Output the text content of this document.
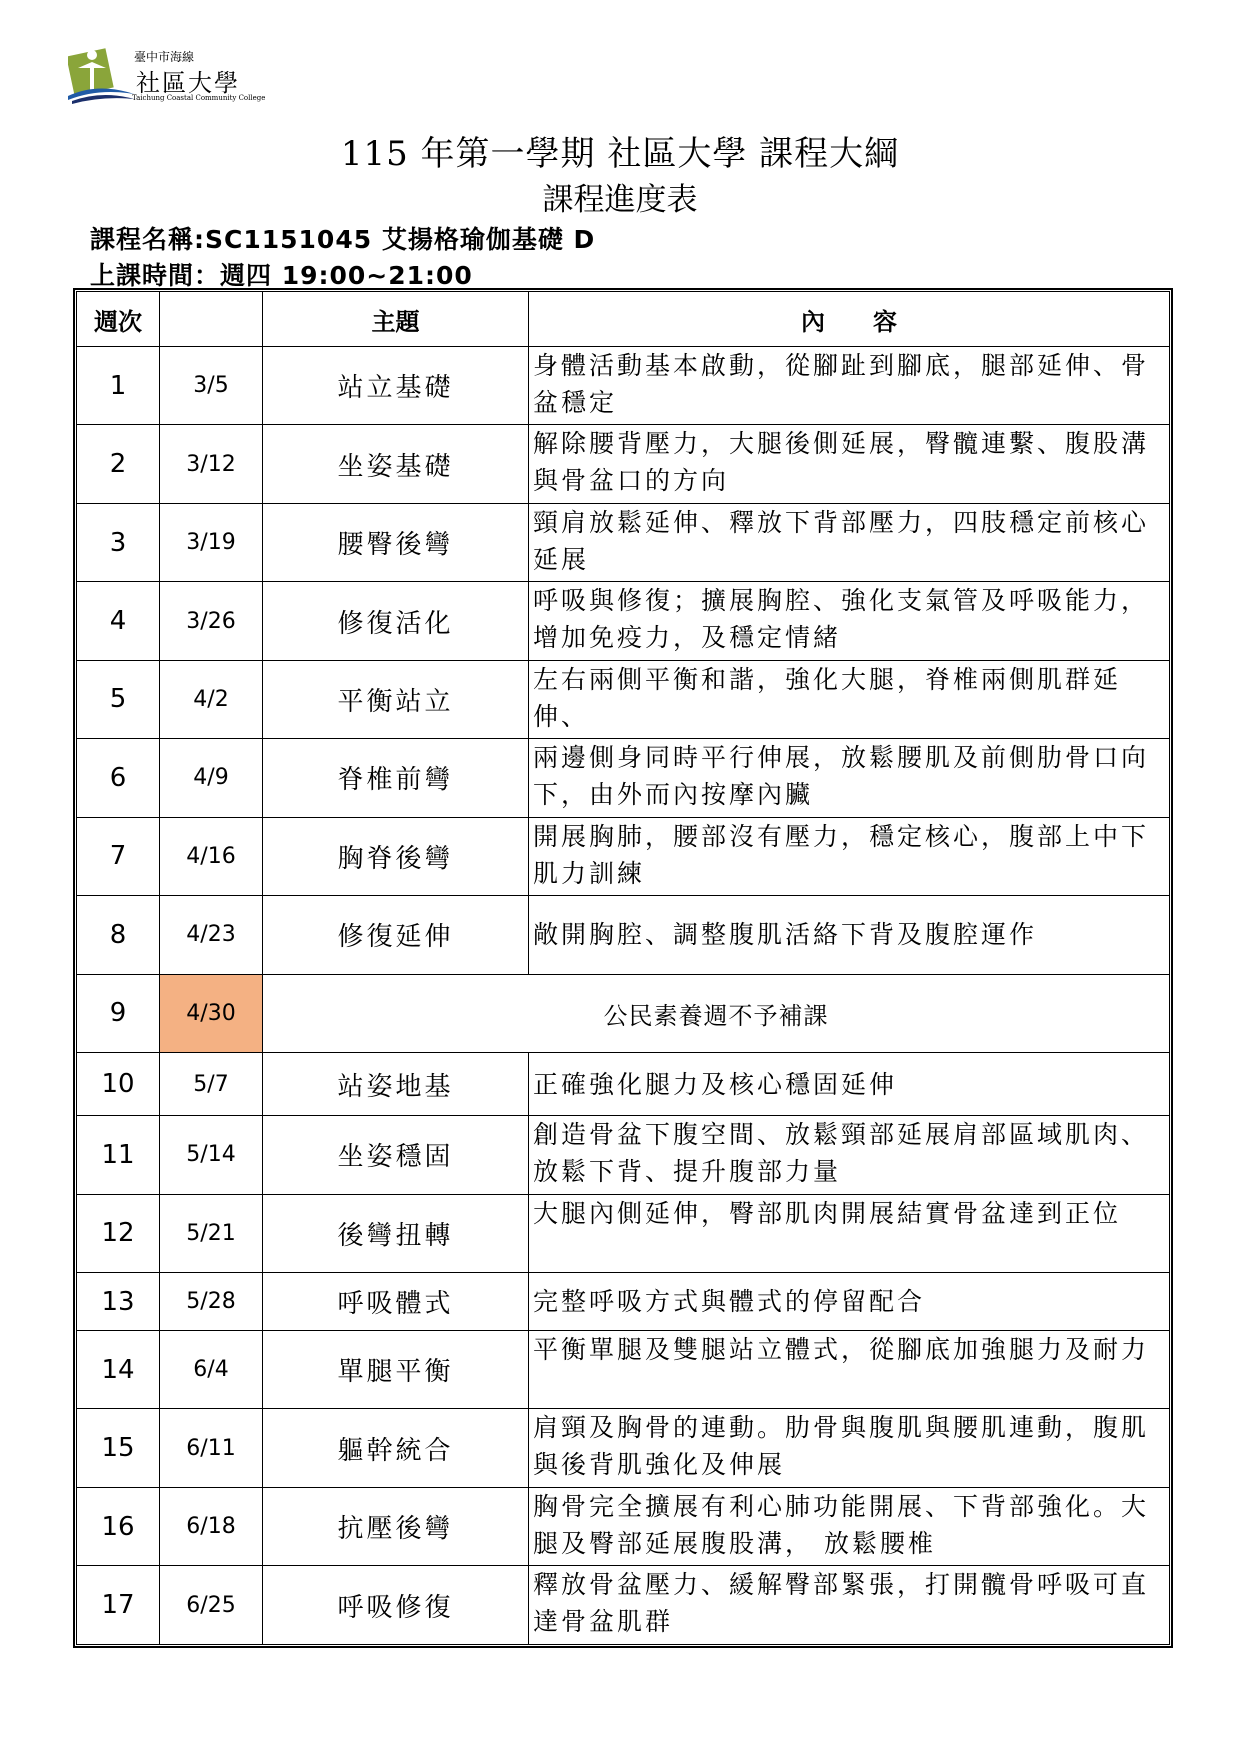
臺中市海線
社區大學
Taichung Coastal Community College
115 年第一學期 社區大學 課程大綱
課程進度表
課程名稱:SC1151045 艾揚格瑜伽基礎 D
上課時間：週四 19:00~21:00
週次		主題	內　　容
1	3/5	站立基礎	身體活動基本啟動，從腳趾到腳底，腿部延伸、骨盆穩定
2	3/12	坐姿基礎	解除腰背壓力，大腿後側延展，臀髖連繫、腹股溝與骨盆口的方向
3	3/19	腰臀後彎	頸肩放鬆延伸、釋放下背部壓力，四肢穩定前核心延展
4	3/26	修復活化	呼吸與修復；擴展胸腔、強化支氣管及呼吸能力，增加免疫力，及穩定情緒
5	4/2	平衡站立	左右兩側平衡和諧，強化大腿，脊椎兩側肌群延伸、
6	4/9	脊椎前彎	兩邊側身同時平行伸展，放鬆腰肌及前側肋骨口向下，由外而內按摩內臟
7	4/16	胸脊後彎	開展胸肺，腰部沒有壓力，穩定核心，腹部上中下肌力訓練
8	4/23	修復延伸	敞開胸腔、調整腹肌活絡下背及腹腔運作
9	4/30	公民素養週不予補課	
10	5/7	站姿地基	正確強化腿力及核心穩固延伸
11	5/14	坐姿穩固	創造骨盆下腹空間、放鬆頸部延展肩部區域肌肉、放鬆下背、提升腹部力量
12	5/21	後彎扭轉	大腿內側延伸，臀部肌肉開展結實骨盆達到正位
13	5/28	呼吸體式	完整呼吸方式與體式的停留配合
14	6/4	單腿平衡	平衡單腿及雙腿站立體式，從腳底加強腿力及耐力
15	6/11	軀幹統合	肩頸及胸骨的連動。肋骨與腹肌與腰肌連動，腹肌與後背肌強化及伸展
16	6/18	抗壓後彎	胸骨完全擴展有利心肺功能開展、下背部強化。大腿及臀部延展腹股溝， 放鬆腰椎
17	6/25	呼吸修復	釋放骨盆壓力、緩解臀部緊張，打開髖骨呼吸可直達骨盆肌群
